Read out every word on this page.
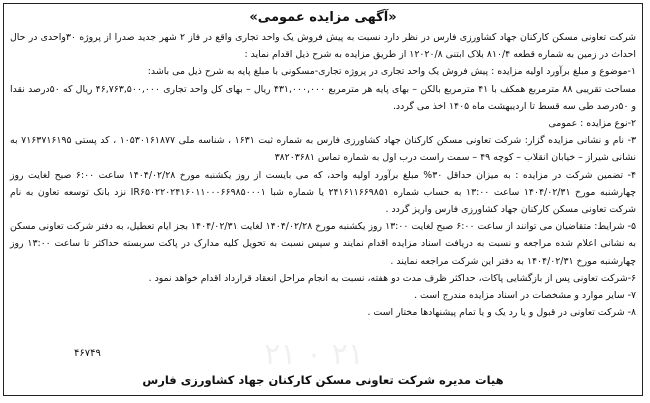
«آگهی مزایده عمومی»

شرکت تعاونی مسکن کارکنان جهاد کشاورزی فارس در نظر دارد نسبت به پیش فروش یک واحد تجاری واقع در فاز ۲ شهر جدید صدرا از پروژه ۳۰واحدی در حال احداث در زمین به شماره قطعه ۸۱۰/۴ بلاک ابتنی ۱۲۰۲۰/۸ از طریق مزایده به شرح ذیل اقدام نماید :

۱-موضوع و مبلغ برآورد اولیه مزایده : پیش فروش یک واحد تجاری در پروژه تجاری-مسکونی با مبلغ پایه به شرح ذیل می باشد:

مساحت تقریبی ۸۸ مترمربع همکف با ۴۱ مترمربع بالکن – بهای پایه هر مترمربع ۴۳۱,۰۰۰,۰۰۰ ریال – بهای کل واحد تجاری ۴۶,۷۶۳,۵۰۰,۰۰۰ ریال که ۵۰درصد نقدا و ۵۰درصد طی سه قسط تا اردیبهشت ماه ۱۴۰۵ اخذ می گردد.

۲-نوع مزایده : عمومی

۳- نام و نشانی مزایده گزار: شرکت تعاونی مسکن کارکنان جهاد کشاورزی فارس به شماره ثبت ۱۶۳۱ ، شناسه ملی ۱۰۵۳۰۱۶۱۸۷۷ ، کد پستی ۷۱۶۳۷۱۶۱۹۵ به نشانی شیراز – خیابان انقلاب – کوچه ۴۹ – سمت راست درب اول به شماره تماس ۳۸۲۰۳۶۸۱

۴- تضمین شرکت در مزایده : به میزان حداقل ۳۰% مبلغ برآورد اولیه واحد، که می بایست از روز یکشنبه مورخ ۱۴۰۴/۰۲/۲۸ ساعت ۶:۰۰ صبح لغایت روز چهارشنبه مورخ ۱۴۰۴/۰۲/۳۱ ساعت ۱۳:۰۰ به حساب شماره ۲۴۱۶۱۱۶۶۹۸۵۱ یا شماره شبا IR۶۵۰۲۲۰۲۴۱۶۰۱۱۰۰۰۶۶۹۸۵۰۰۰۱ نزد بانک توسعه تعاون به نام شرکت تعاونی مسکن کارکنان جهاد کشاورزی فارس واریز گردد .

۵- شرایط: متقاضیان می توانند از ساعت ۶:۰۰ صبح لغایت ۱۳:۰۰ روز یکشنبه مورخ ۱۴۰۴/۰۲/۲۸ لغایت ۱۴۰۴/۰۲/۳۱ بجز ایام تعطیل، به دفتر شرکت تعاونی مسکن به نشانی اعلام شده مراجعه و نسبت به دریافت اسناد مزایده اقدام نمایند و سپس نسبت به تحویل کلیه مدارک در پاکت سربسته حداکثر تا ساعت ۱۳:۰۰ روز چهارشنبه مورخ ۱۴۰۴/۰۲/۳۱ به دفتر این شرکت مراجعه نمایند .

۶-شرکت تعاونی پس از بازگشایی پاکات، حداکثر ظرف مدت دو هفته، نسبت به انجام مراحل انعقاد قرارداد اقدام خواهد نمود .

۷- سایر موارد و مشخصات در اسناد مزایده مندرج است .

۸- شرکت تعاونی در قبول و یا رد یک و یا تمام پیشنهادها مختار است .

۲۱ ۰ ۲۱
۴۶۷۴۹
هیات مدیره شرکت تعاونی مسکن کارکنان جهاد کشاورزی فارس
